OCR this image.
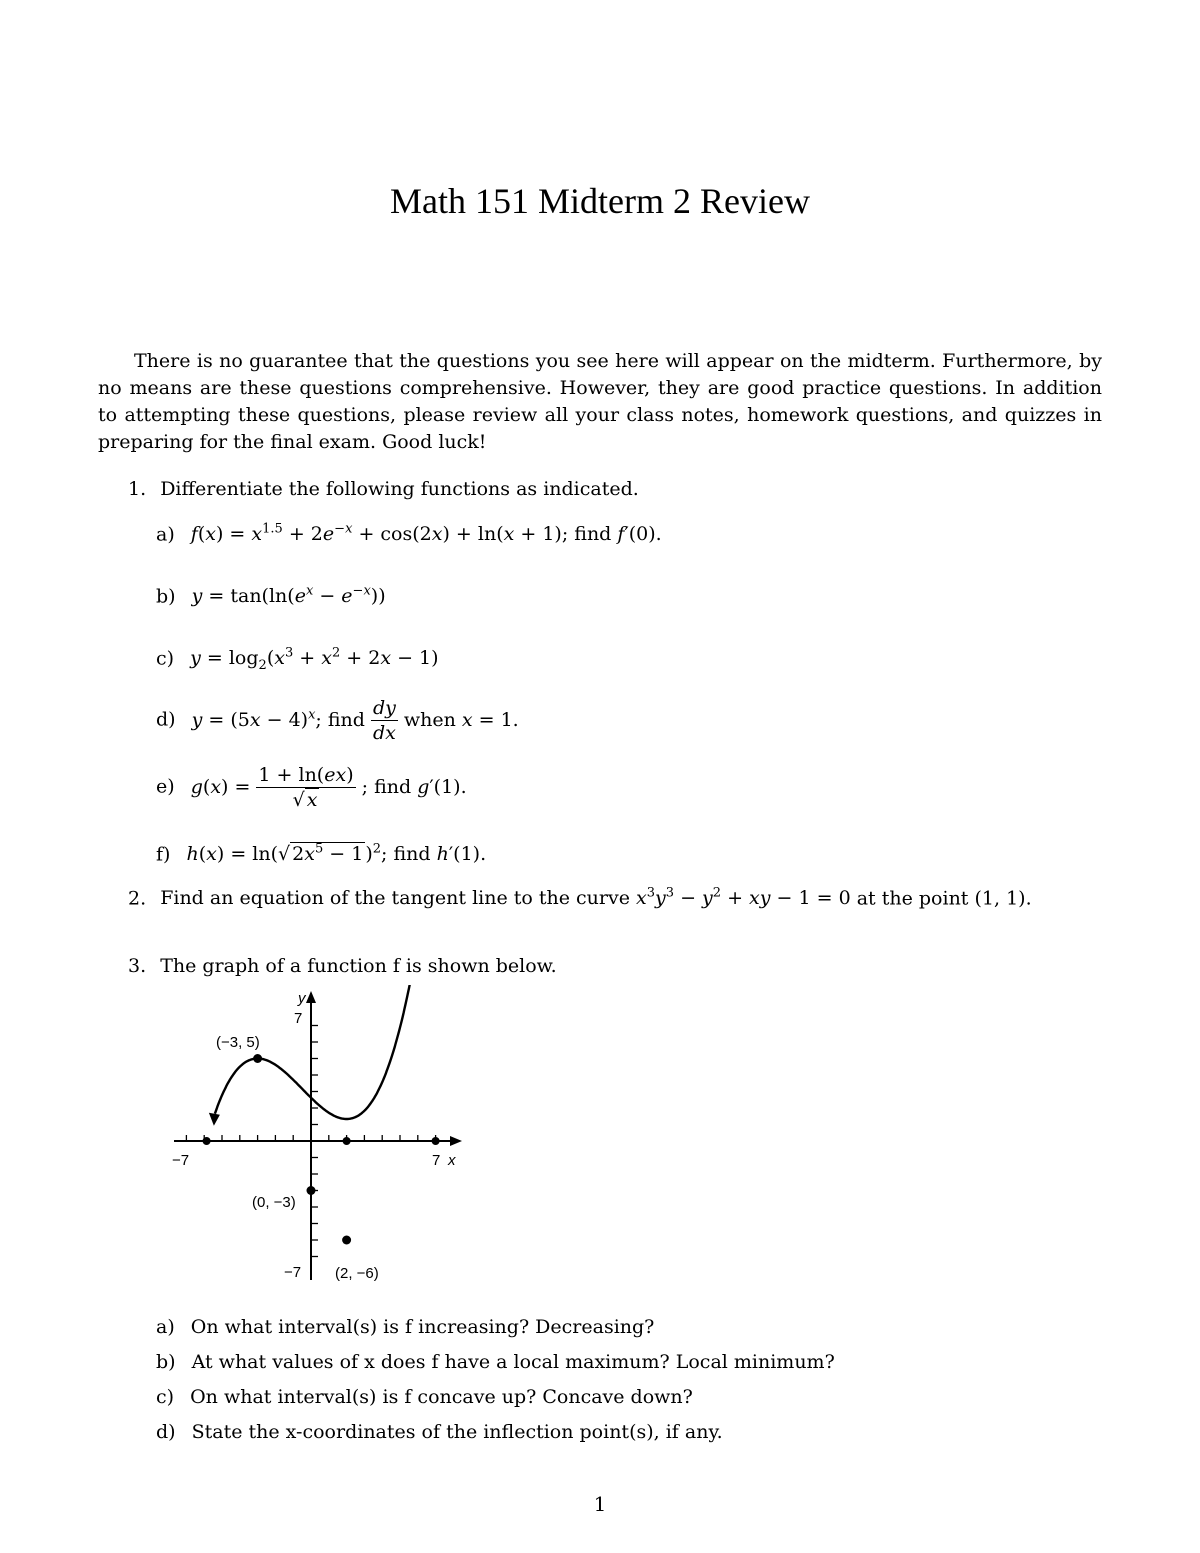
Math 151 Midterm 2 Review
There is no guarantee that the questions you see here will appear on the midterm. Furthermore, by no means are these questions comprehensive. However, they are good practice questions. In addition to attempting these questions, please review all your class notes, homework questions, and quizzes in preparing for the final exam. Good luck!
1. Differentiate the following functions as indicated.
a) $f(x) = x^{1.5} + 2e^{-x} + \cos(2x) + \ln(x + 1)$; find f′(0).
b) $y = \tan(\ln(e^x - e^{-x}))$
c) $y = \log_2(x^3 + x^2 + 2x - 1)$
d) $y = (5x - 4)^x$; find $\frac{dy}{dx}$ when x = 1.
e) $g(x) = \frac{1 + \ln(ex)}{√ x}$ ; find g′(1).
f) h(x) = ln(√ $2x^5 - 1$ )$^2$; find h′(1).
2. Find an equation of the tangent line to the curve $x^3y^3 - y^2$ + xy − 1 = 0 at the point (1, 1).
3. The graph of a function f is shown below.
y
7
−7
−7	7 x
(−3, 5)
(0, −3)
(2, −6)
a) On what interval(s) is f increasing? Decreasing?
b) At what values of x does f have a local maximum? Local minimum?
c) On what interval(s) is f concave up? Concave down?
d) State the x-coordinates of the inflection point(s), if any.
1
